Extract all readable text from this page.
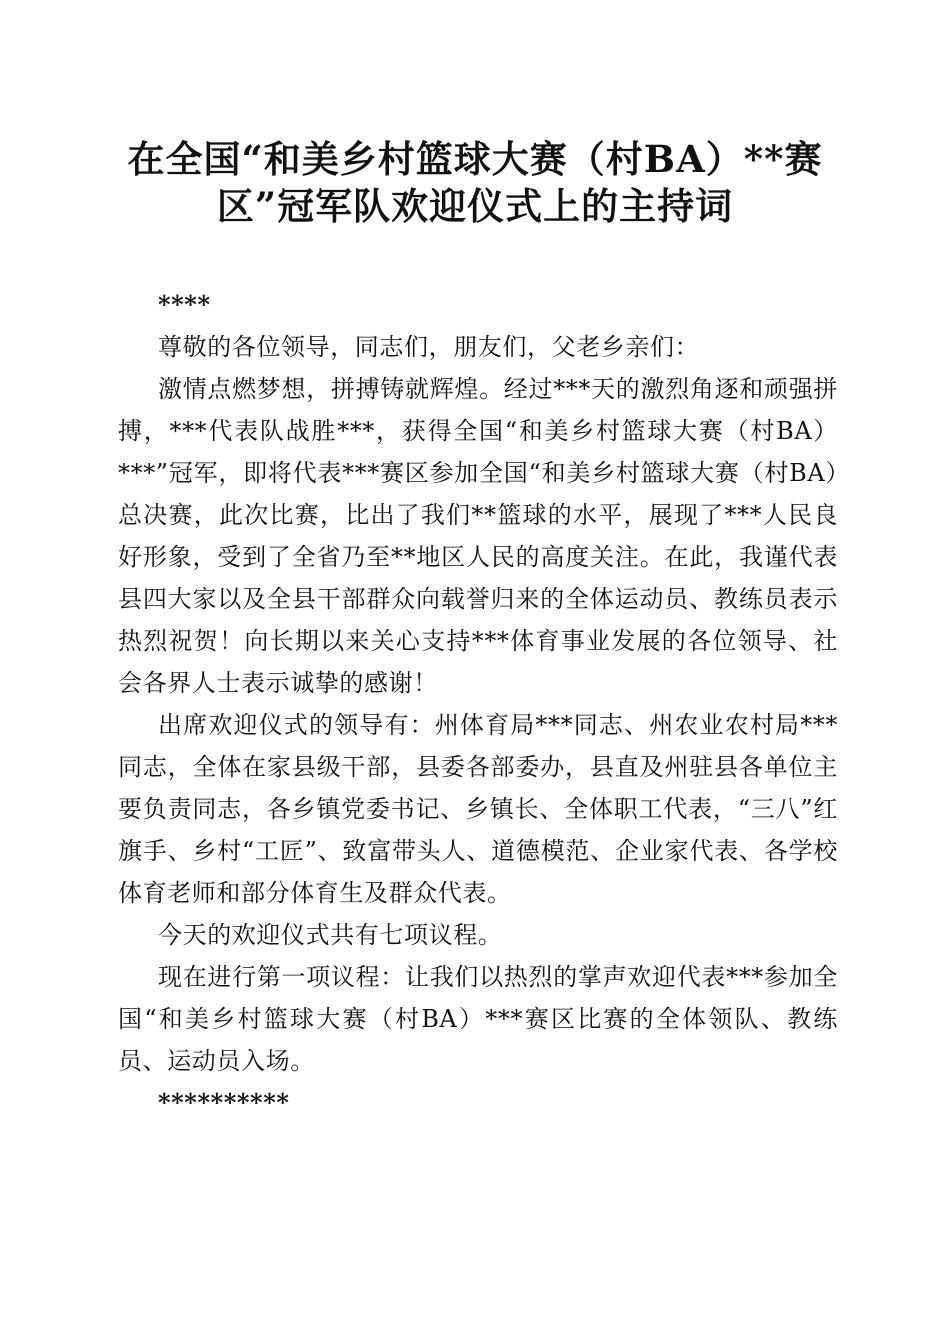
在全国“和美乡村篮球大赛（村BA）**赛
区”冠军队欢迎仪式上的主持词

****

尊敬的各位领导，同志们，朋友们，父老乡亲们：

激情点燃梦想，拼搏铸就辉煌。经过***天的激烈角逐和顽强拼搏，***代表队战胜***，获得全国“和美乡村篮球大赛（村BA）***”冠军，即将代表***赛区参加全国“和美乡村篮球大赛（村BA）总决赛，此次比赛，比出了我们**篮球的水平，展现了***人民良好形象，受到了全省乃至**地区人民的高度关注。在此，我谨代表县四大家以及全县干部群众向载誉归来的全体运动员、教练员表示热烈祝贺！向长期以来关心支持***体育事业发展的各位领导、社会各界人士表示诚挚的感谢！

出席欢迎仪式的领导有：州体育局***同志、州农业农村局***同志，全体在家县级干部，县委各部委办，县直及州驻县各单位主要负责同志，各乡镇党委书记、乡镇长、全体职工代表，“三八”红旗手、乡村“工匠”、致富带头人、道德模范、企业家代表、各学校体育老师和部分体育生及群众代表。

今天的欢迎仪式共有七项议程。

现在进行第一项议程：让我们以热烈的掌声欢迎代表***参加全国“和美乡村篮球大赛（村BA）***赛区比赛的全体领队、教练员、运动员入场。

**********
